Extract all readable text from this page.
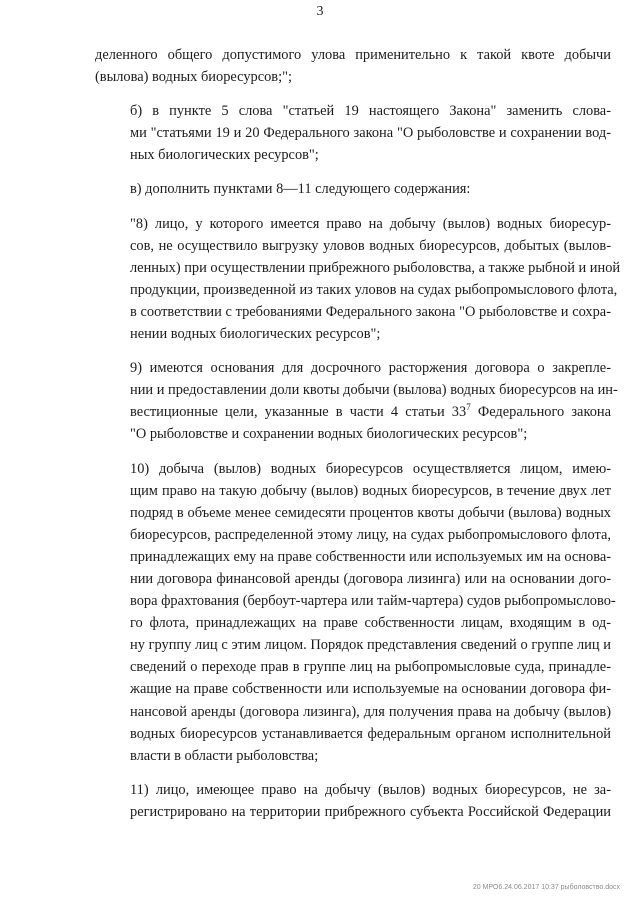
3

деленного общего допустимого улова применительно к такой квоте добычи
(вылова) водных биоресурсов;";

б) в пункте 5 слова "статьей 19 настоящего Закона" заменить слова-
ми "статьями 19 и 20 Федерального закона "О рыболовстве и сохранении вод-
ных биологических ресурсов";

в) дополнить пунктами 8—11 следующего содержания:

"8) лицо, у которого имеется право на добычу (вылов) водных биоресур-
сов, не осуществило выгрузку уловов водных биоресурсов, добытых (вылов-
ленных) при осуществлении прибрежного рыболовства, а также рыбной и иной
продукции, произведенной из таких уловов на судах рыбопромыслового флота,
в соответствии с требованиями Федерального закона "О рыболовстве и сохра-
нении водных биологических ресурсов";

9) имеются основания для досрочного расторжения договора о закрепле-
нии и предоставлении доли квоты добычи (вылова) водных биоресурсов на ин-
вестиционные цели, указанные в части 4 статьи $33^7$ Федерального закона
"О рыболовстве и сохранении водных биологических ресурсов";

10) добыча (вылов) водных биоресурсов осуществляется лицом, имею-
щим право на такую добычу (вылов) водных биоресурсов, в течение двух лет
подряд в объеме менее семидесяти процентов квоты добычи (вылова) водных
биоресурсов, распределенной этому лицу, на судах рыбопромыслового флота,
принадлежащих ему на праве собственности или используемых им на основа-
нии договора финансовой аренды (договора лизинга) или на основании дого-
вора фрахтования (бербоут-чартера или тайм-чартера) судов рыбопромыслово-
го флота, принадлежащих на праве собственности лицам, входящим в од-
ну группу лиц с этим лицом. Порядок представления сведений о группе лиц и
сведений о переходе прав в группе лиц на рыбопромысловые суда, принадле-
жащие на праве собственности или используемые на основании договора фи-
нансовой аренды (договора лизинга), для получения права на добычу (вылов)
водных биоресурсов устанавливается федеральным органом исполнительной
власти в области рыболовства;

11) лицо, имеющее право на добычу (вылов) водных биоресурсов, не за-
регистрировано на территории прибрежного субъекта Российской Федерации

20 МРО6.24.06.2017 10:37 рыболовство.docx
